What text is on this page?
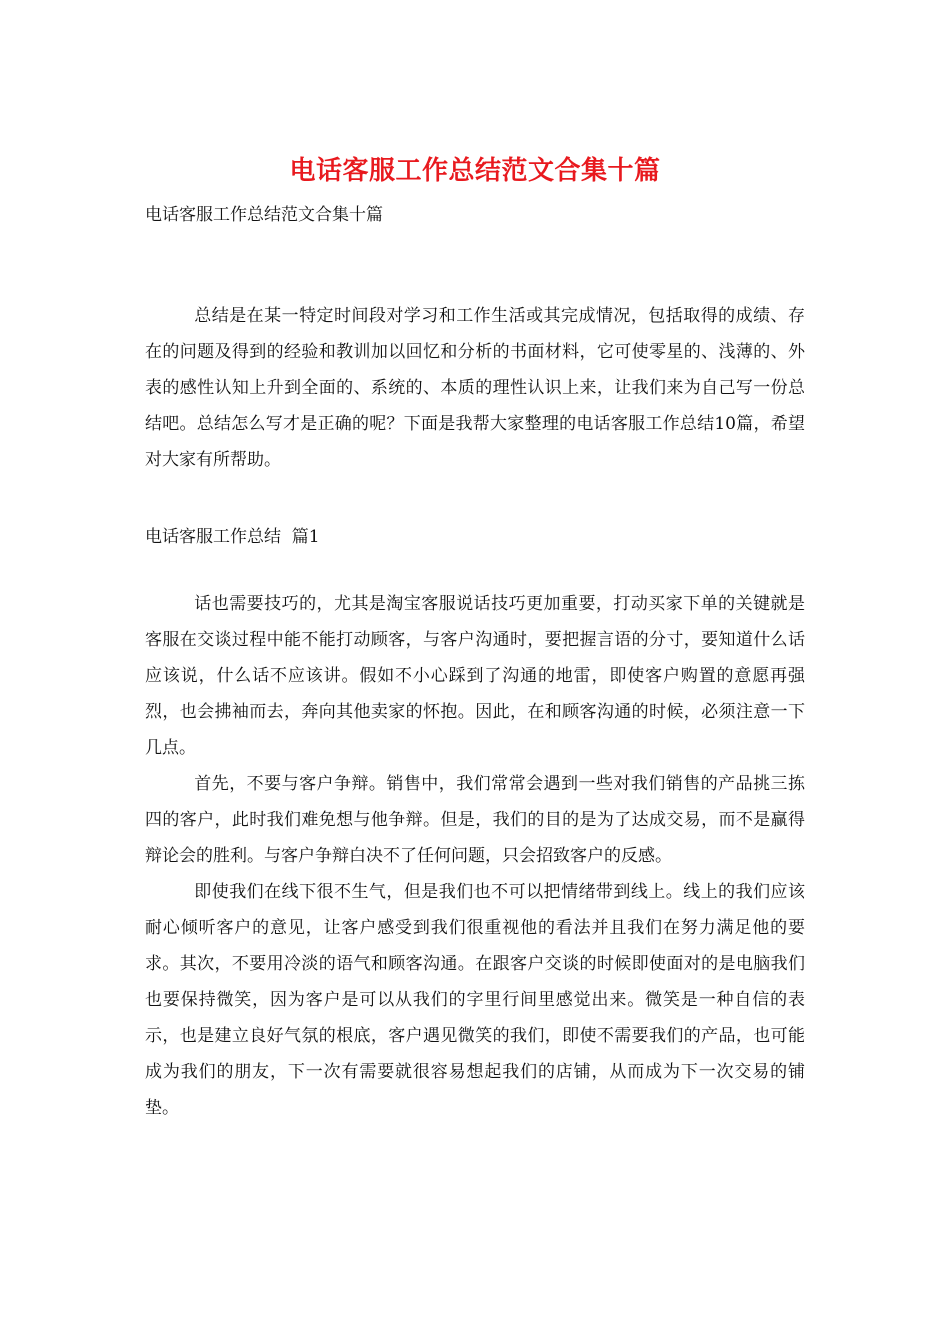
电话客服工作总结范文合集十篇
电话客服工作总结范文合集十篇

总结是在某一特定时间段对学习和工作生活或其完成情况，包括取得的成绩、存在的问题及得到的经验和教训加以回忆和分析的书面材料，它可使零星的、浅薄的、外表的感性认知上升到全面的、系统的、本质的理性认识上来，让我们来为自己写一份总结吧。总结怎么写才是正确的呢？下面是我帮大家整理的电话客服工作总结10篇，希望对大家有所帮助。

电话客服工作总结  篇1

话也需要技巧的，尤其是淘宝客服说话技巧更加重要，打动买家下单的关键就是客服在交谈过程中能不能打动顾客，与客户沟通时，要把握言语的分寸，要知道什么话应该说，什么话不应该讲。假如不小心踩到了沟通的地雷，即使客户购置的意愿再强烈，也会拂袖而去，奔向其他卖家的怀抱。因此，在和顾客沟通的时候，必须注意一下几点。

首先，不要与客户争辩。销售中，我们常常会遇到一些对我们销售的产品挑三拣四的客户，此时我们难免想与他争辩。但是，我们的目的是为了达成交易，而不是赢得辩论会的胜利。与客户争辩白决不了任何问题，只会招致客户的反感。

即使我们在线下很不生气，但是我们也不可以把情绪带到线上。线上的我们应该耐心倾听客户的意见，让客户感受到我们很重视他的看法并且我们在努力满足他的要求。其次，不要用冷淡的语气和顾客沟通。在跟客户交谈的时候即使面对的是电脑我们也要保持微笑，因为客户是可以从我们的字里行间里感觉出来。微笑是一种自信的表示，也是建立良好气氛的根底，客户遇见微笑的我们，即使不需要我们的产品，也可能成为我们的朋友，下一次有需要就很容易想起我们的店铺，从而成为下一次交易的铺垫。
